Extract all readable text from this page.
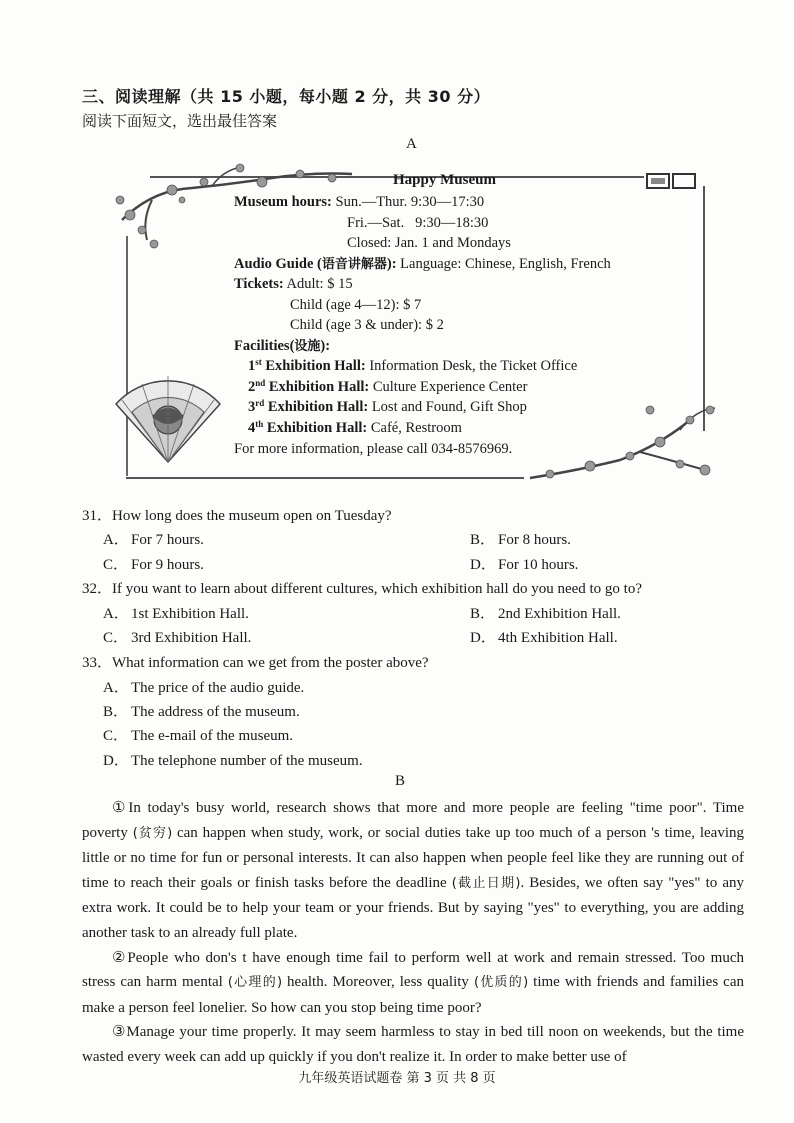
三、阅读理解（共 15 小题，每小题 2 分，共 30 分）
阅读下面短文，选出最佳答案
A
Happy Museum
Museum hours: Sun.—Thur. 9:30—17:30
Fri.—Sat.   9:30—18:30
Closed: Jan. 1 and Mondays
Audio Guide (语音讲解器): Language: Chinese, English, French
Tickets: Adult: $ 15
Child (age 4—12): $ 7
Child (age 3 & under): $ 2
Facilities(设施):
1st Exhibition Hall: Information Desk, the Ticket Office
2nd Exhibition Hall: Culture Experience Center
3rd Exhibition Hall: Lost and Found, Gift Shop
4th Exhibition Hall: Café, Restroom
For more information, please call 034-8576969.
31．How long does the museum open on Tuesday?
A． For 7 hours.	B． For 8 hours.
C． For 9 hours.	D． For 10 hours.
32．If you want to learn about different cultures, which exhibition hall do you need to go to?
A． 1st Exhibition Hall.	B． 2nd Exhibition Hall.
C． 3rd Exhibition Hall.	D． 4th Exhibition Hall.
33．What information can we get from the poster above?
A． The price of the audio guide.
B． The address of the museum.
C． The e-mail of the museum.
D． The telephone number of the museum.
B

①In today's busy world, research shows that more and more people are feeling "time poor". Time poverty (贫穷) can happen when study, work, or social duties take up too much of a person 's time, leaving little or no time for fun or personal interests. It can also happen when people feel like they are running out of time to reach their goals or finish tasks before the deadline (截止日期). Besides, we often say "yes" to any extra work. It could be to help your team or your friends. But by saying "yes" to everything, you are adding another task to an already full plate.

②People who don's t have enough time fail to perform well at work and remain stressed. Too much stress can harm mental (心理的) health. Moreover, less quality (优质的) time with friends and families can make a person feel lonelier. So how can you stop being time poor?

③Manage your time properly. It may seem harmless to stay in bed till noon on weekends, but the time wasted every week can add up quickly if you don't realize it. In order to make better use of

九年级英语试题卷 第 3 页 共 8 页
